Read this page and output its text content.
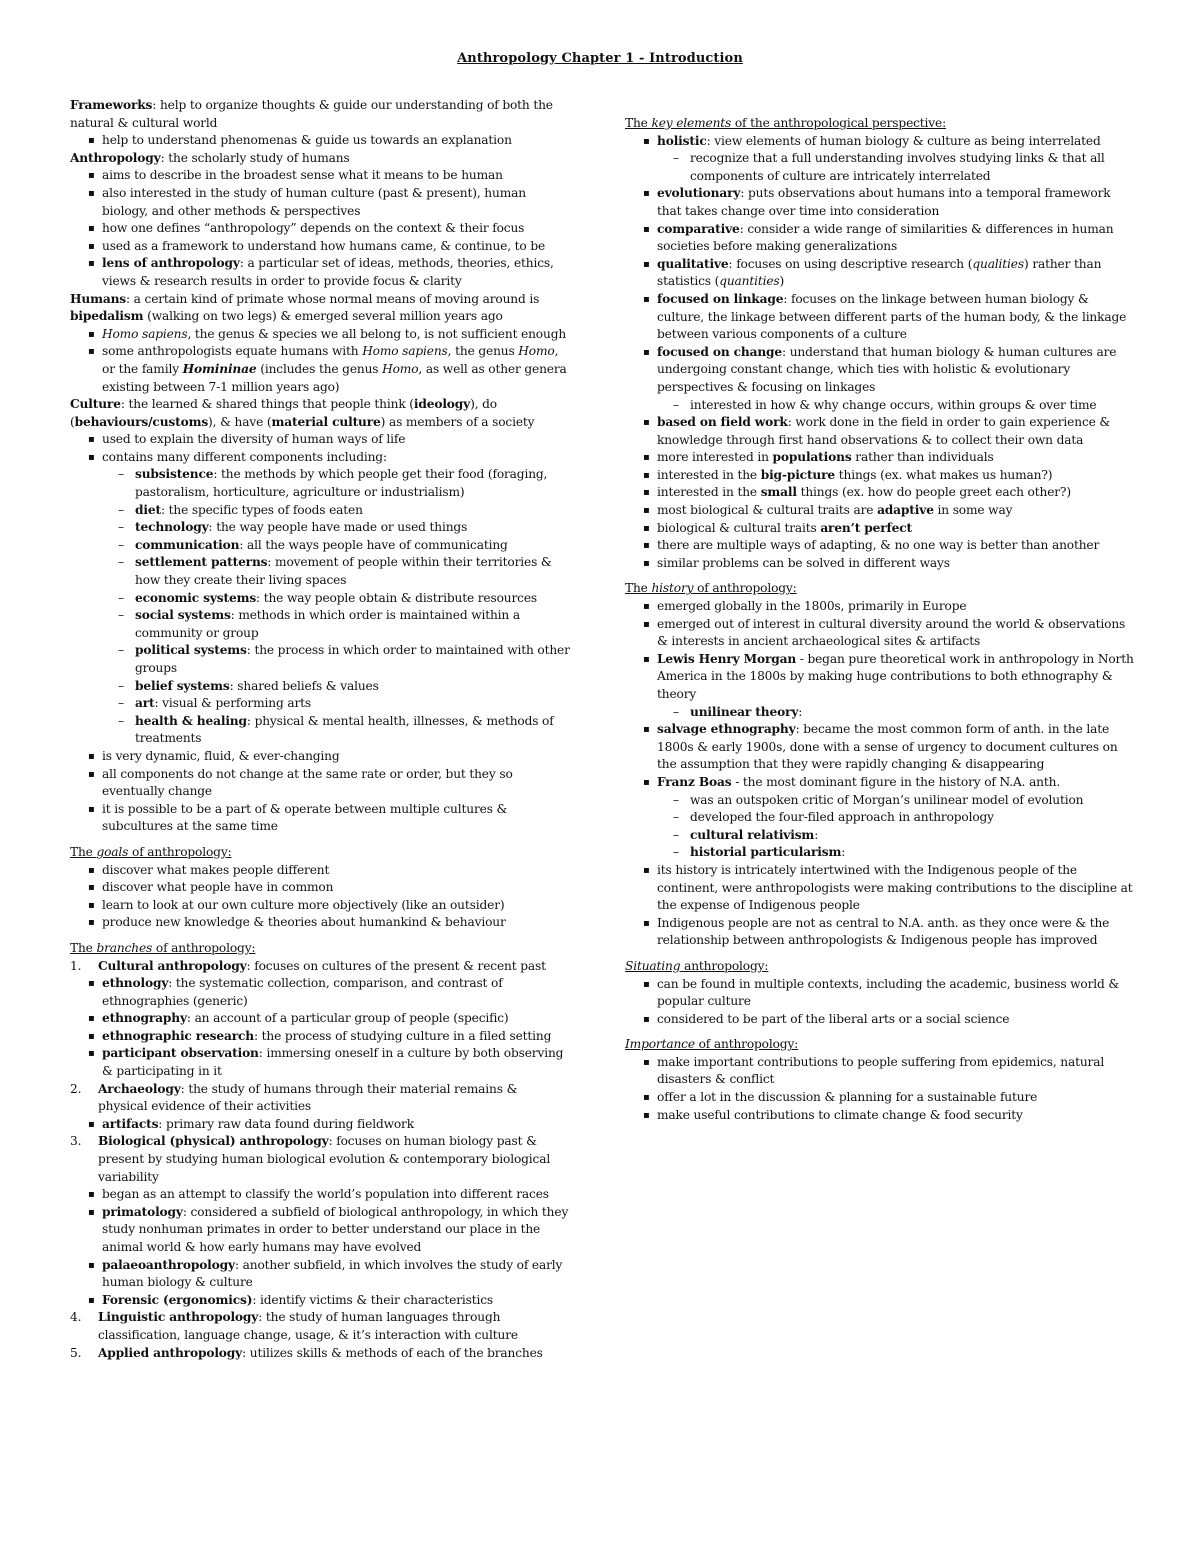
Anthropology Chapter 1 - Introduction

Frameworks: help to organize thoughts & guide our understanding of both the natural & cultural world

▪ help to understand phenomenas & guide us towards an explanation

Anthropology: the scholarly study of humans

▪ aims to describe in the broadest sense what it means to be human
▪ also interested in the study of human culture (past & present), human biology, and other methods & perspectives
▪ how one defines “anthropology” depends on the context & their focus
▪ used as a framework to understand how humans came, & continue, to be
▪ lens of anthropology: a particular set of ideas, methods, theories, ethics, views & research results in order to provide focus & clarity

Humans: a certain kind of primate whose normal means of moving around is bipedalism (walking on two legs) & emerged several million years ago

▪ Homo sapiens, the genus & species we all belong to, is not sufficient enough
▪ some anthropologists equate humans with Homo sapiens, the genus Homo, or the family Homininae (includes the genus Homo, as well as other genera existing between 7-1 million years ago)

Culture: the learned & shared things that people think (ideology), do (behaviours/customs), & have (material culture) as members of a society

▪ used to explain the diversity of human ways of life
▪ contains many different components including:
– subsistence: the methods by which people get their food (foraging, pastoralism, horticulture, agriculture or industrialism)
– diet: the specific types of foods eaten
– technology: the way people have made or used things
– communication: all the ways people have of communicating
– settlement patterns: movement of people within their territories & how they create their living spaces
– economic systems: the way people obtain & distribute resources
– social systems: methods in which order is maintained within a community or group
– political systems: the process in which order to maintained with other groups
– belief systems: shared beliefs & values
– art: visual & performing arts
– health & healing: physical & mental health, illnesses, & methods of treatments
▪ is very dynamic, fluid, & ever-changing
▪ all components do not change at the same rate or order, but they so eventually change
▪ it is possible to be a part of & operate between multiple cultures & subcultures at the same time

The goals of anthropology:

▪ discover what makes people different
▪ discover what people have in common
▪ learn to look at our own culture more objectively (like an outsider)
▪ produce new knowledge & theories about humankind & behaviour

The branches of anthropology:

1. Cultural anthropology: focuses on cultures of the present & recent past
▪ ethnology: the systematic collection, comparison, and contrast of ethnographies (generic)
▪ ethnography: an account of a particular group of people (specific)
▪ ethnographic research: the process of studying culture in a filed setting
▪ participant observation: immersing oneself in a culture by both observing & participating in it
2. Archaeology: the study of humans through their material remains & physical evidence of their activities
▪ artifacts: primary raw data found during fieldwork
3. Biological (physical) anthropology: focuses on human biology past & present by studying human biological evolution & contemporary biological variability
▪ began as an attempt to classify the world’s population into different races
▪ primatology: considered a subfield of biological anthropology, in which they study nonhuman primates in order to better understand our place in the animal world & how early humans may have evolved
▪ palaeoanthropology: another subfield, in which involves the study of early human biology & culture
▪ Forensic (ergonomics): identify victims & their characteristics
4. Linguistic anthropology: the study of human languages through classification, language change, usage, & it’s interaction with culture
5. Applied anthropology: utilizes skills & methods of each of the branches

The key elements of the anthropological perspective:

▪ holistic: view elements of human biology & culture as being interrelated
– recognize that a full understanding involves studying links & that all components of culture are intricately interrelated
▪ evolutionary: puts observations about humans into a temporal framework that takes change over time into consideration
▪ comparative: consider a wide range of similarities & differences in human societies before making generalizations
▪ qualitative: focuses on using descriptive research (qualities) rather than statistics (quantities)
▪ focused on linkage: focuses on the linkage between human biology & culture, the linkage between different parts of the human body, & the linkage between various components of a culture
▪ focused on change: understand that human biology & human cultures are undergoing constant change, which ties with holistic & evolutionary perspectives & focusing on linkages
– interested in how & why change occurs, within groups & over time
▪ based on field work: work done in the field in order to gain experience & knowledge through first hand observations & to collect their own data
▪ more interested in populations rather than individuals
▪ interested in the big-picture things (ex. what makes us human?)
▪ interested in the small things (ex. how do people greet each other?)
▪ most biological & cultural traits are adaptive in some way
▪ biological & cultural traits aren’t perfect
▪ there are multiple ways of adapting, & no one way is better than another
▪ similar problems can be solved in different ways

The history of anthropology:

▪ emerged globally in the 1800s, primarily in Europe
▪ emerged out of interest in cultural diversity around the world & observations & interests in ancient archaeological sites & artifacts
▪ Lewis Henry Morgan - began pure theoretical work in anthropology in North America in the 1800s by making huge contributions to both ethnography & theory
– unilinear theory:
▪ salvage ethnography: became the most common form of anth. in the late 1800s & early 1900s, done with a sense of urgency to document cultures on the assumption that they were rapidly changing & disappearing
▪ Franz Boas - the most dominant figure in the history of N.A. anth.
– was an outspoken critic of Morgan’s unilinear model of evolution
– developed the four-filed approach in anthropology
– cultural relativism:
– historial particularism:
▪ its history is intricately intertwined with the Indigenous people of the continent, were anthropologists were making contributions to the discipline at the expense of Indigenous people
▪ Indigenous people are not as central to N.A. anth. as they once were & the relationship between anthropologists & Indigenous people has improved

Situating anthropology:

▪ can be found in multiple contexts, including the academic, business world & popular culture
▪ considered to be part of the liberal arts or a social science

Importance of anthropology:

▪ make important contributions to people suffering from epidemics, natural disasters & conflict
▪ offer a lot in the discussion & planning for a sustainable future
▪ make useful contributions to climate change & food security
